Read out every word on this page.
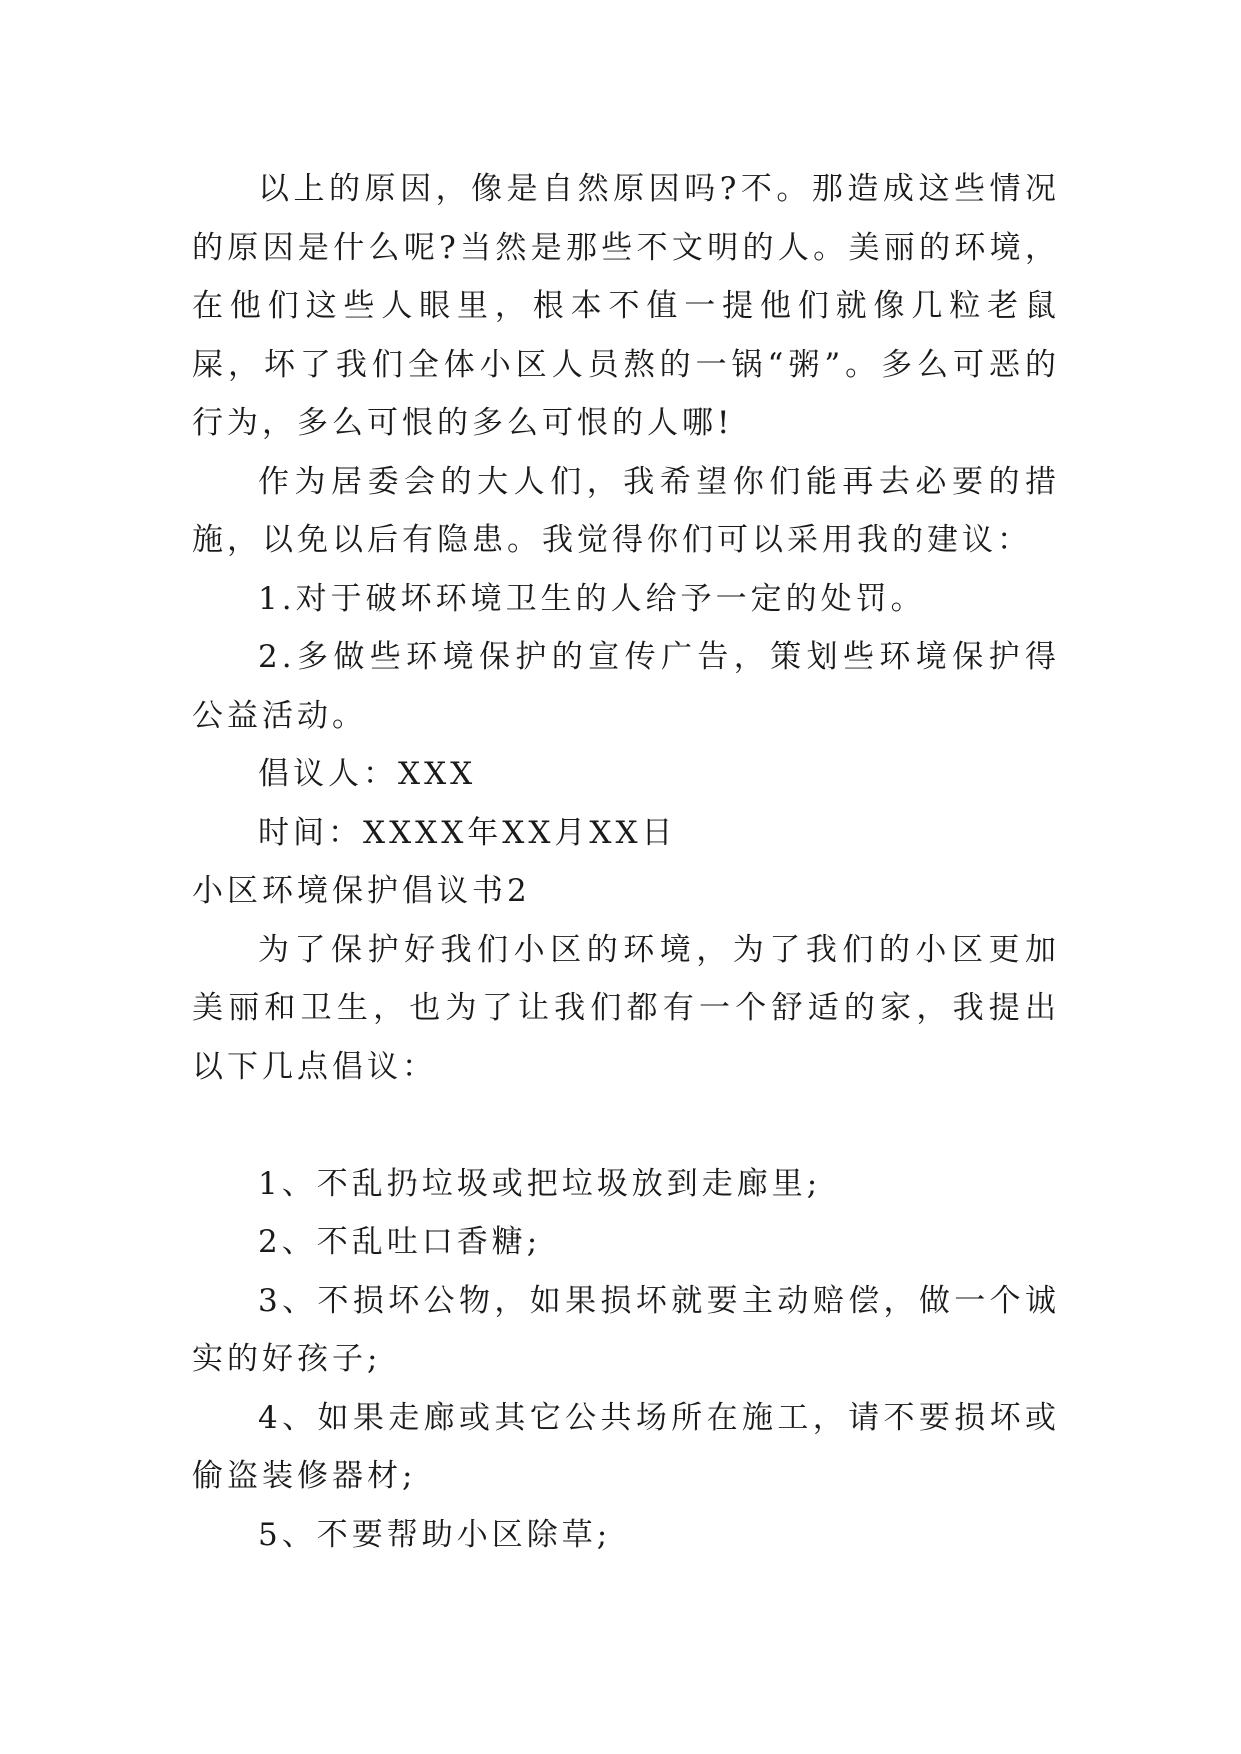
以上的原因，像是自然原因吗?不。那造成这些情况的原因是什么呢?当然是那些不文明的人。美丽的环境，在他们这些人眼里，根本不值一提他们就像几粒老鼠屎，坏了我们全体小区人员熬的一锅“粥”。多么可恶的行为，多么可恨的多么可恨的人哪!

作为居委会的大人们，我希望你们能再去必要的措施，以免以后有隐患。我觉得你们可以采用我的建议：

1.对于破坏环境卫生的人给予一定的处罚。

2.多做些环境保护的宣传广告，策划些环境保护得公益活动。

倡议人：XXX

时间：XXXX年XX月XX日

小区环境保护倡议书2

为了保护好我们小区的环境，为了我们的小区更加美丽和卫生，也为了让我们都有一个舒适的家，我提出以下几点倡议：

1、不乱扔垃圾或把垃圾放到走廊里;

2、不乱吐口香糖;

3、不损坏公物，如果损坏就要主动赔偿，做一个诚实的好孩子;

4、如果走廊或其它公共场所在施工，请不要损坏或偷盗装修器材;

5、不要帮助小区除草;
